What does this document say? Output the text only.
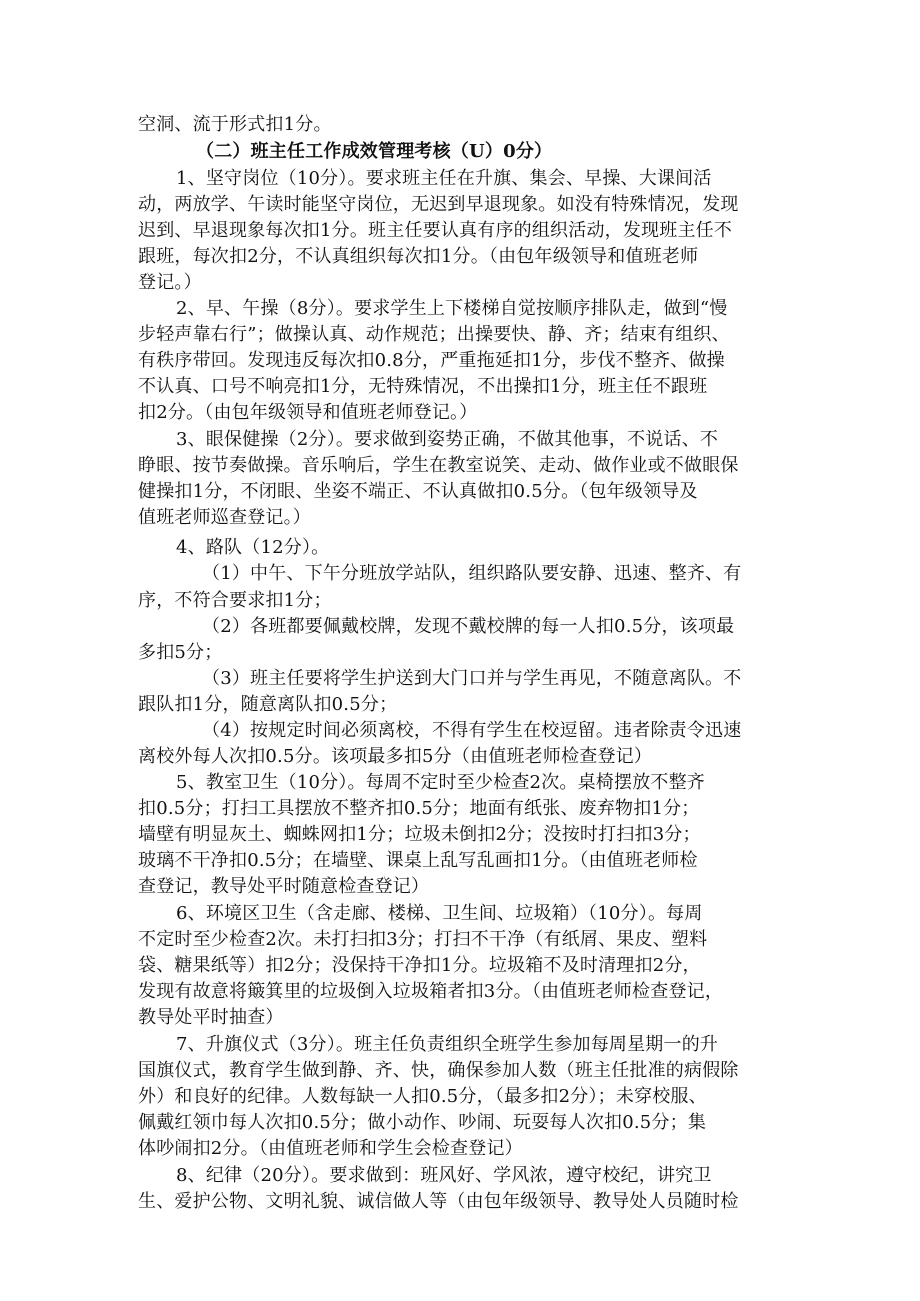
空洞、流于形式扣1分。
（二）班主任工作成效管理考核（U）0分）
1、坚守岗位（10分）。要求班主任在升旗、集会、早操、大课间活
动，两放学、午读时能坚守岗位，无迟到早退现象。如没有特殊情况，发现
迟到、早退现象每次扣1分。班主任要认真有序的组织活动，发现班主任不
跟班，每次扣2分，不认真组织每次扣1分。（由包年级领导和值班老师
登记。）
2、早、午操（8分）。要求学生上下楼梯自觉按顺序排队走，做到“慢
步轻声靠右行”；做操认真、动作规范；出操要快、静、齐；结束有组织、
有秩序带回。发现违反每次扣0.8分，严重拖延扣1分，步伐不整齐、做操
不认真、口号不响亮扣1分，无特殊情况，不出操扣1分，班主任不跟班
扣2分。（由包年级领导和值班老师登记。）
3、眼保健操（2分）。要求做到姿势正确，不做其他事，不说话、不
睁眼、按节奏做操。音乐响后，学生在教室说笑、走动、做作业或不做眼保
健操扣1分，不闭眼、坐姿不端正、不认真做扣0.5分。（包年级领导及
值班老师巡查登记。）
4、路队（12分）。
（1）中午、下午分班放学站队，组织路队要安静、迅速、整齐、有
序，不符合要求扣1分；
（2）各班都要佩戴校牌，发现不戴校牌的每一人扣0.5分，该项最
多扣5分；
（3）班主任要将学生护送到大门口并与学生再见，不随意离队。不
跟队扣1分，随意离队扣0.5分；
（4）按规定时间必须离校，不得有学生在校逗留。违者除责令迅速
离校外每人次扣0.5分。该项最多扣5分（由值班老师检查登记）
5、教室卫生（10分）。每周不定时至少检查2次。桌椅摆放不整齐
扣0.5分；打扫工具摆放不整齐扣0.5分；地面有纸张、废弃物扣1分；
墙壁有明显灰土、蜘蛛网扣1分；垃圾未倒扣2分；没按时打扫扣3分；
玻璃不干净扣0.5分；在墙壁、课桌上乱写乱画扣1分。（由值班老师检
查登记，教导处平时随意检查登记）
6、环境区卫生（含走廊、楼梯、卫生间、垃圾箱）（10分）。每周
不定时至少检查2次。未打扫扣3分；打扫不干净（有纸屑、果皮、塑料
袋、糖果纸等）扣2分；没保持干净扣1分。垃圾箱不及时清理扣2分，
发现有故意将簸箕里的垃圾倒入垃圾箱者扣3分。（由值班老师检查登记，
教导处平时抽查）
7、升旗仪式（3分）。班主任负责组织全班学生参加每周星期一的升
国旗仪式，教育学生做到静、齐、快，确保参加人数（班主任批准的病假除
外）和良好的纪律。人数每缺一人扣0.5分，（最多扣2分）；未穿校服、
佩戴红领巾每人次扣0.5分；做小动作、吵闹、玩耍每人次扣0.5分；集
体吵闹扣2分。（由值班老师和学生会检查登记）
8、纪律（20分）。要求做到：班风好、学风浓，遵守校纪，讲究卫
生、爱护公物、文明礼貌、诚信做人等（由包年级领导、教导处人员随时检
